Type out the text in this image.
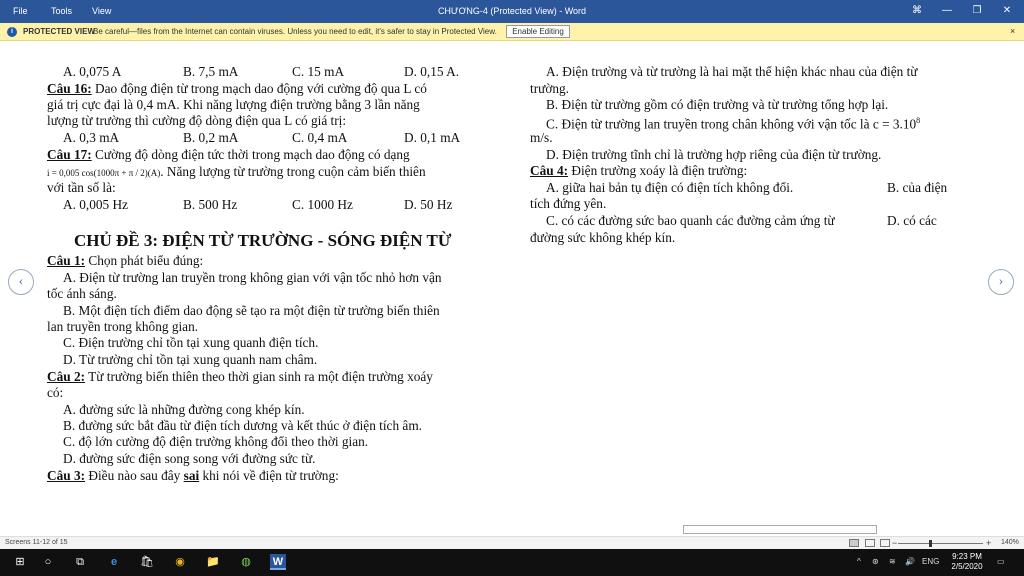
File	Tools View	CHƯƠNG-4 (Protected View) - Word	⌘	—	❐	✕
i	PROTECTED VIEW
Be careful—files from the Internet can contain viruses. Unless you need to edit, it's safer to stay in Protected View.	Enable Editing	×
A. 0,075 A	B. 7,5 mA	C. 15 mA	D. 0,15 A.
Câu 16: Dao động điện từ trong mạch dao động với cường độ qua L có
giá trị cực đại là 0,4 mA. Khi năng lượng điện trường bằng 3 lần năng
lượng từ trường thì cường độ dòng điện qua L có giá trị:
A. 0,3 mA	B. 0,2 mA	C. 0,4 mA	D. 0,1 mA
Câu 17: Cường độ dòng điện tức thời trong mạch dao động có dạng
i = 0,005 cos(1000π + π / 2)(A). Năng lượng từ trường trong cuộn cảm biến thiên
với tần số là:
A. 0,005 Hz	B. 500 Hz	C. 1000 Hz	D. 50 Hz
CHỦ ĐỀ 3: ĐIỆN TỪ TRƯỜNG - SÓNG ĐIỆN TỪ
Câu 1: Chọn phát biểu đúng:
A. Điện từ trường lan truyền trong không gian với vận tốc nhỏ hơn vận
tốc ánh sáng.
B. Một điện tích điểm dao động sẽ tạo ra một điện từ trường biến thiên
lan truyền trong không gian.
C. Điện trường chỉ tồn tại xung quanh điện tích.
D. Từ trường chỉ tồn tại xung quanh nam châm.
Câu 2: Từ trường biến thiên theo thời gian sinh ra một điện trường xoáy
có:
A. đường sức là những đường cong khép kín.
B. đường sức bắt đầu từ điện tích dương và kết thúc ở điện tích âm.
C. độ lớn cường độ điện trường không đổi theo thời gian.
D. đường sức điện song song với đường sức từ.
Câu 3: Điều nào sau đây sai khi nói về điện từ trường:
A. Điện trường và từ trường là hai mặt thể hiện khác nhau của điện từ
trường.
B. Điện từ trường gồm có điện trường và từ trường tổng hợp lại.
C. Điện từ trường lan truyền trong chân không với vận tốc là $c = 3.10^8$
m/s.
D. Điện trường tĩnh chỉ là trường hợp riêng của điện từ trường.
Câu 4: Điện trường xoáy là điện trường:
A. giữa hai bản tụ điện có điện tích không đổi.	B. của điện
tích đứng yên.
C. có các đường sức bao quanh các đường cảm ứng từ	D. có các
đường sức không khép kín.
‹	›
Screens 11-12 of 15	−	+ 140%
⊞	○	⧉	e	🛍 ◉ 📁 ◍ W	^ ⊛ ≋ 🔊 ENG
9:23 PM
2/5/2020
▭
